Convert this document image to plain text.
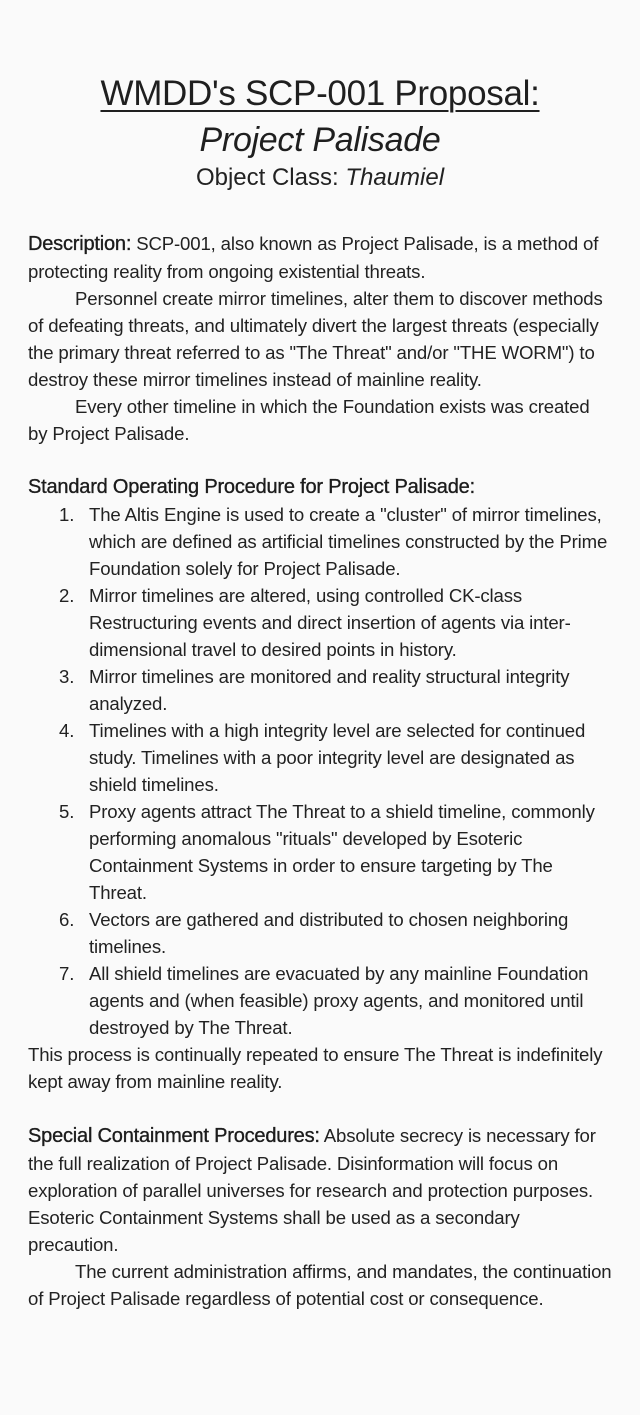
WMDD's SCP-001 Proposal:
Project Palisade
Object Class: Thaumiel

Description: SCP-001, also known as Project Palisade, is a method of protecting reality from ongoing existential threats.

Personnel create mirror timelines, alter them to discover methods of defeating threats, and ultimately divert the largest threats (especially the primary threat referred to as "The Threat" and/or "THE WORM") to destroy these mirror timelines instead of mainline reality.

Every other timeline in which the Foundation exists was created by Project Palisade.

Standard Operating Procedure for Project Palisade:

1. The Altis Engine is used to create a "cluster" of mirror timelines, which are defined as artificial timelines constructed by the Prime Foundation solely for Project Palisade.
2. Mirror timelines are altered, using controlled CK-class Restructuring events and direct insertion of agents via inter-dimensional travel to desired points in history.
3. Mirror timelines are monitored and reality structural integrity analyzed.
4. Timelines with a high integrity level are selected for continued study. Timelines with a poor integrity level are designated as shield timelines.
5. Proxy agents attract The Threat to a shield timeline, commonly performing anomalous "rituals" developed by Esoteric Containment Systems in order to ensure targeting by The Threat.
6. Vectors are gathered and distributed to chosen neighboring timelines.
7. All shield timelines are evacuated by any mainline Foundation agents and (when feasible) proxy agents, and monitored until destroyed by The Threat.

This process is continually repeated to ensure The Threat is indefinitely kept away from mainline reality.

Special Containment Procedures: Absolute secrecy is necessary for the full realization of Project Palisade. Disinformation will focus on exploration of parallel universes for research and protection purposes. Esoteric Containment Systems shall be used as a secondary precaution.

The current administration affirms, and mandates, the continuation of Project Palisade regardless of potential cost or consequence.
